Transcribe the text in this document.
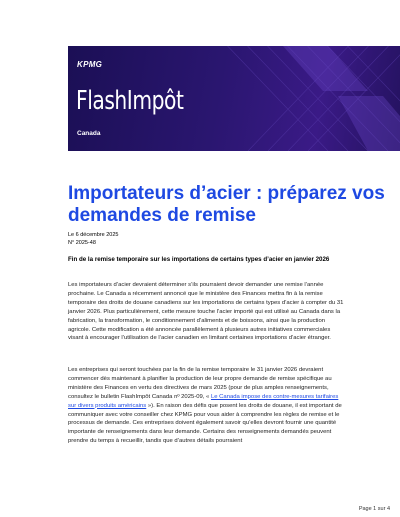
KPMG
FlashImpôt
Canada
Importateurs d’acier : préparez vos demandes de remise
Le 6 décembre 2025
N° 2025-48
Fin de la remise temporaire sur les importations de certains types d’acier en janvier 2026

Les importateurs d’acier devraient déterminer s’ils pourraient devoir demander une remise l’année prochaine. Le Canada a récemment annoncé que le ministère des Finances mettra fin à la remise temporaire des droits de douane canadiens sur les importations de certains types d’acier à compter du 31 janvier 2026. Plus particulièrement, cette mesure touche l’acier importé qui est utilisé au Canada dans la fabrication, la transformation, le conditionnement d’aliments et de boissons, ainsi que la production agricole. Cette modification a été annoncée parallèlement à plusieurs autres initiatives commerciales visant à encourager l’utilisation de l’acier canadien en limitant certaines importations d’acier étranger.

Les entreprises qui seront touchées par la fin de la remise temporaire le 31 janvier 2026 devraient commencer dès maintenant à planifier la production de leur propre demande de remise spécifique au ministère des Finances en vertu des directives de mars 2025 (pour de plus amples renseignements, consultez le bulletin FlashImpôt Canada nº 2025-09, « Le Canada impose des contre-mesures tarifaires sur divers produits américains »). En raison des défis que posent les droits de douane, il est important de communiquer avec votre conseiller chez KPMG pour vous aider à comprendre les règles de remise et le processus de demande. Ces entreprises doivent également savoir qu’elles devront fournir une quantité importante de renseignements dans leur demande. Certains des renseignements demandés peuvent prendre du temps à recueillir, tandis que d’autres détails pourraient

Page 1 sur 4
